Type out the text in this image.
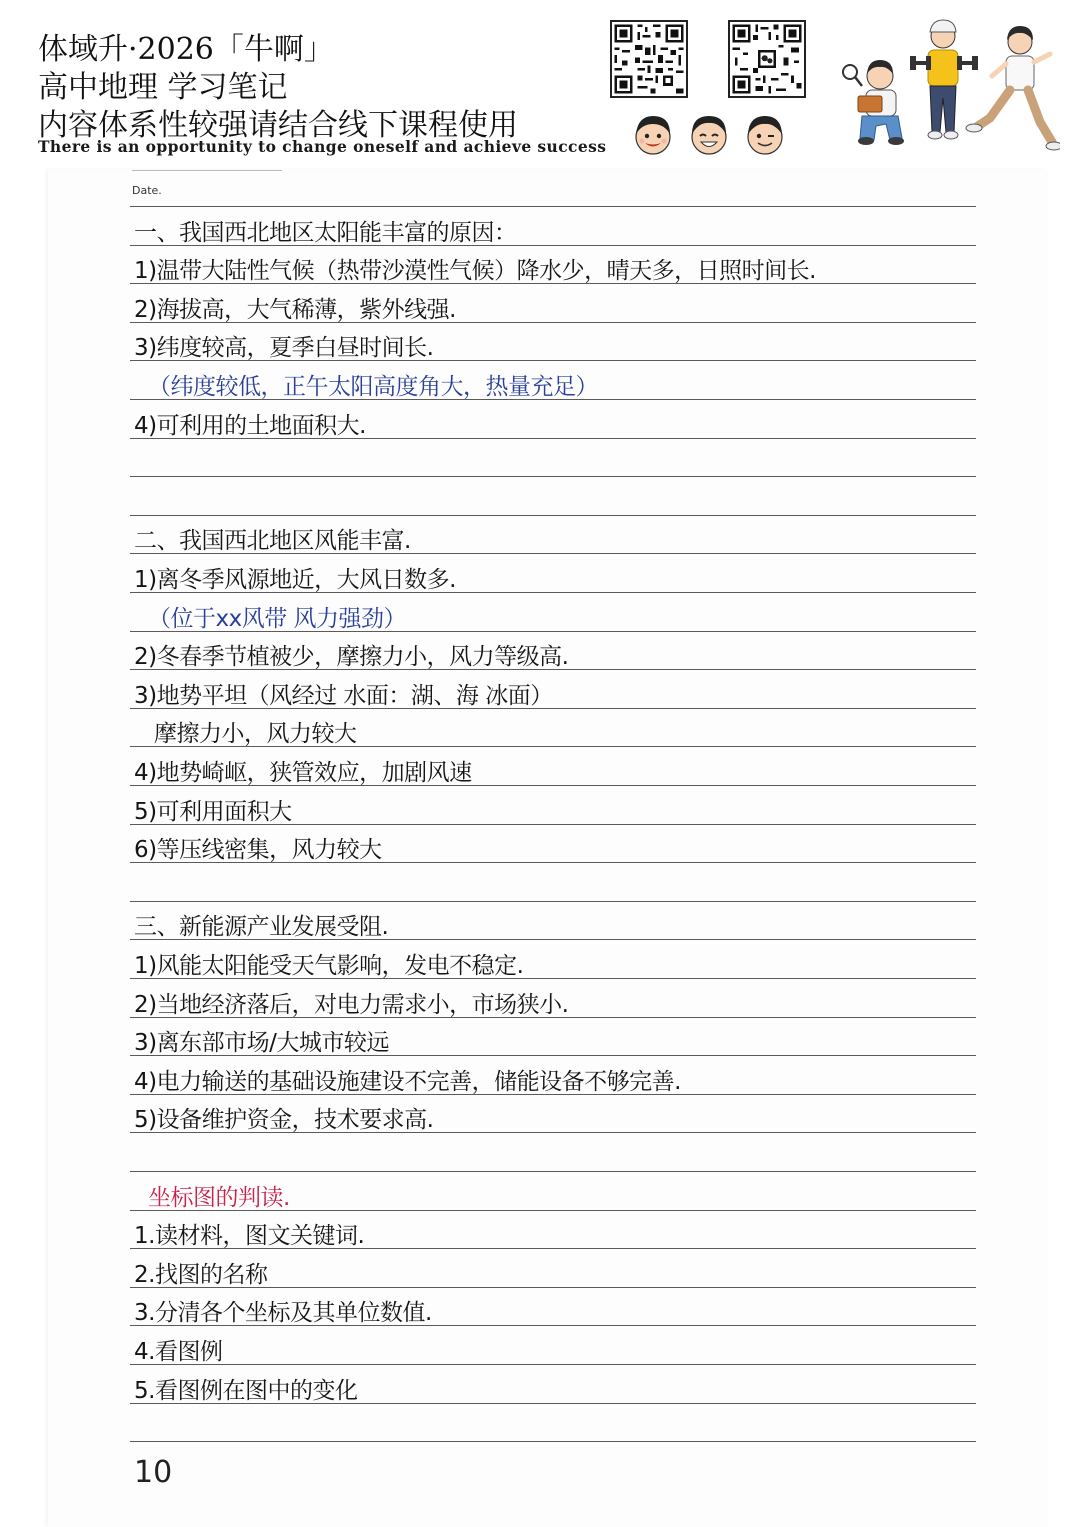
体域升·2026「牛啊」
高中地理 学习笔记
内容体系性较强请结合线下课程使用
There is an opportunity to change oneself and achieve success
Date.
一、我国西北地区太阳能丰富的原因：
1)温带大陆性气候（热带沙漠性气候）降水少，晴天多，日照时间长.
2)海拔高，大气稀薄，紫外线强.
3)纬度较高，夏季白昼时间长.
（纬度较低，正午太阳高度角大，热量充足）
4)可利用的土地面积大.
二、我国西北地区风能丰富.
1)离冬季风源地近，大风日数多.
（位于xx风带 风力强劲）
2)冬春季节植被少，摩擦力小，风力等级高.
3)地势平坦（风经过 水面：湖、海 冰面）
摩擦力小，风力较大
4)地势崎岖，狭管效应，加剧风速
5)可利用面积大
6)等压线密集，风力较大
三、新能源产业发展受阻.
1)风能太阳能受天气影响，发电不稳定.
2)当地经济落后，对电力需求小，市场狭小.
3)离东部市场/大城市较远
4)电力输送的基础设施建设不完善，储能设备不够完善.
5)设备维护资金，技术要求高.
坐标图的判读.
1.读材料，图文关键词.
2.找图的名称
3.分清各个坐标及其单位数值.
4.看图例
5.看图例在图中的变化
10
